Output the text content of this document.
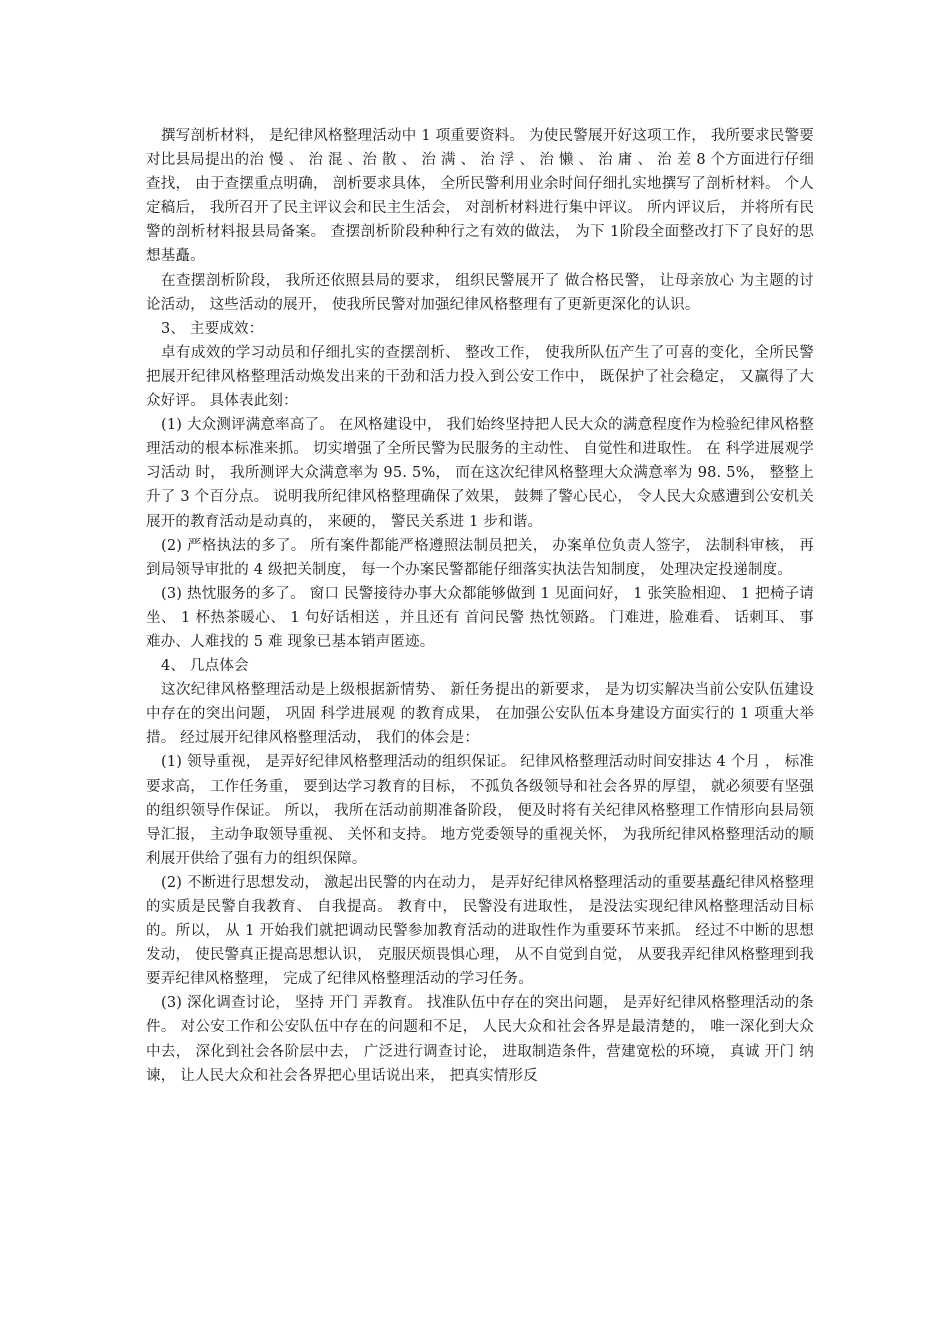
撰写剖析材料， 是纪律风格整理活动中 1 项重要资料。 为使民警展开好这项工作， 我所要求民警要对比县局提出的治 慢 、 治 混 、治 散 、 治 满 、 治 浮 、 治 懒 、 治 庸 、 治 差 8 个方面进行仔细查找， 由于查摆重点明确， 剖析要求具体， 全所民警利用业余时间仔细扎实地撰写了剖析材料。 个人定稿后， 我所召开了民主评议会和民主生活会， 对剖析材料进行集中评议。 所内评议后， 并将所有民警的剖析材料报县局备案。 查摆剖析阶段种种行之有效的做法， 为下 1阶段全面整改打下了良好的思想基矗。

在查摆剖析阶段， 我所还依照县局的要求， 组织民警展开了 做合格民警， 让母亲放心 为主题的讨论活动， 这些活动的展开， 使我所民警对加强纪律风格整理有了更新更深化的认识。

3、 主要成效：

卓有成效的学习动员和仔细扎实的查摆剖析、 整改工作， 使我所队伍产生了可喜的变化，全所民警把展开纪律风格整理活动焕发出来的干劲和活力投入到公安工作中， 既保护了社会稳定， 又赢得了大众好评。 具体表此刻：

(1) 大众测评满意率高了。 在风格建设中， 我们始终坚持把人民大众的满意程度作为检验纪律风格整理活动的根本标准来抓。 切实增强了全所民警为民服务的主动性、 自觉性和进取性。 在 科学进展观学习活动 时， 我所测评大众满意率为 95. 5%， 而在这次纪律风格整理大众满意率为 98. 5%， 整整上升了 3 个百分点。 说明我所纪律风格整理确保了效果， 鼓舞了警心民心， 令人民大众感遭到公安机关展开的教育活动是动真的， 来硬的， 警民关系进 1 步和谐。

(2) 严格执法的多了。 所有案件都能严格遵照法制员把关， 办案单位负责人签字， 法制科审核， 再到局领导审批的 4 级把关制度， 每一个办案民警都能仔细落实执法告知制度， 处理决定投递制度。

(3) 热忱服务的多了。 窗口 民警接待办事大众都能够做到 1 见面问好， 1 张笑脸相迎、 1 把椅子请坐、 1 杯热茶暖心、 1 句好话相送 ，并且还有 首问民警 热忱领路。 门难进，脸难看、 话刺耳、 事难办、人难找的 5 难 现象已基本销声匿迹。

4、 几点体会

这次纪律风格整理活动是上级根据新情势、 新任务提出的新要求， 是为切实解决当前公安队伍建设中存在的突出问题， 巩固 科学进展观 的教育成果， 在加强公安队伍本身建设方面实行的 1 项重大举措。 经过展开纪律风格整理活动， 我们的体会是：

(1) 领导重视， 是弄好纪律风格整理活动的组织保证。 纪律风格整理活动时间安排达 4 个月 ， 标准要求高， 工作任务重， 要到达学习教育的目标， 不孤负各级领导和社会各界的厚望， 就必须要有坚强的组织领导作保证。 所以， 我所在活动前期准备阶段， 便及时将有关纪律风格整理工作情形向县局领导汇报， 主动争取领导重视、 关怀和支持。 地方党委领导的重视关怀， 为我所纪律风格整理活动的顺利展开供给了强有力的组织保障。

(2) 不断进行思想发动， 激起出民警的内在动力， 是弄好纪律风格整理活动的重要基矗纪律风格整理的实质是民警自我教育、 自我提高。 教育中， 民警没有进取性， 是没法实现纪律风格整理活动目标的。所以， 从 1 开始我们就把调动民警参加教育活动的进取性作为重要环节来抓。 经过不中断的思想发动， 使民警真正提高思想认识， 克服厌烦畏惧心理， 从不自觉到自觉， 从要我弄纪律风格整理到我要弄纪律风格整理， 完成了纪律风格整理活动的学习任务。

(3) 深化调查讨论， 坚持 开门 弄教育。 找准队伍中存在的突出问题， 是弄好纪律风格整理活动的条件。 对公安工作和公安队伍中存在的问题和不足， 人民大众和社会各界是最清楚的， 唯一深化到大众中去， 深化到社会各阶层中去， 广泛进行调查讨论， 进取制造条件，营建宽松的环境， 真诚 开门 纳谏， 让人民大众和社会各界把心里话说出来， 把真实情形反
